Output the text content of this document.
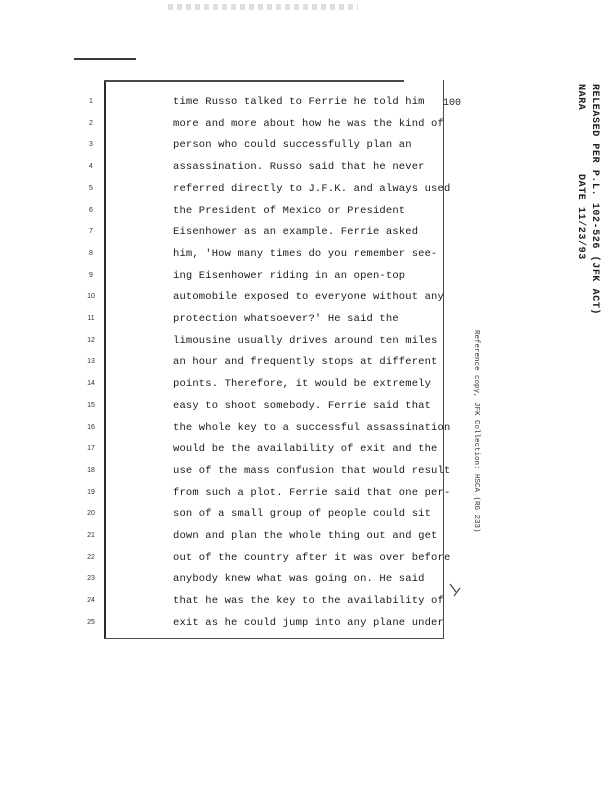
100
1	time Russo talked to Ferrie he told him
2	more and more about how he was the kind of
3	person who could successfully plan an
4	assassination. Russo said that he never
5	referred directly to J.F.K. and always used
6	the President of Mexico or President
7	Eisenhower as an example. Ferrie asked
8	him, 'How many times do you remember see-
9	ing Eisenhower riding in an open-top
10	automobile exposed to everyone without any
11	protection whatsoever?' He said the
12	limousine usually drives around ten miles
13	an hour and frequently stops at different
14	points. Therefore, it would be extremely
15	easy to shoot somebody. Ferrie said that
16	the whole key to a successful assassination
17	would be the availability of exit and the
18	use of the mass confusion that would result
19	from such a plot. Ferrie said that one per-
20	son of a small group of people could sit
21	down and plan the whole thing out and get
22	out of the country after it was over before
23	anybody knew what was going on. He said
24	that he was the key to the availability of
25	exit as he could jump into any plane under
RELEASED PER P.L. 102-526 (JFK ACT)
NARA
DATE 11/23/93
Reference copy, JFK Collection: HSCA (RG 233)
